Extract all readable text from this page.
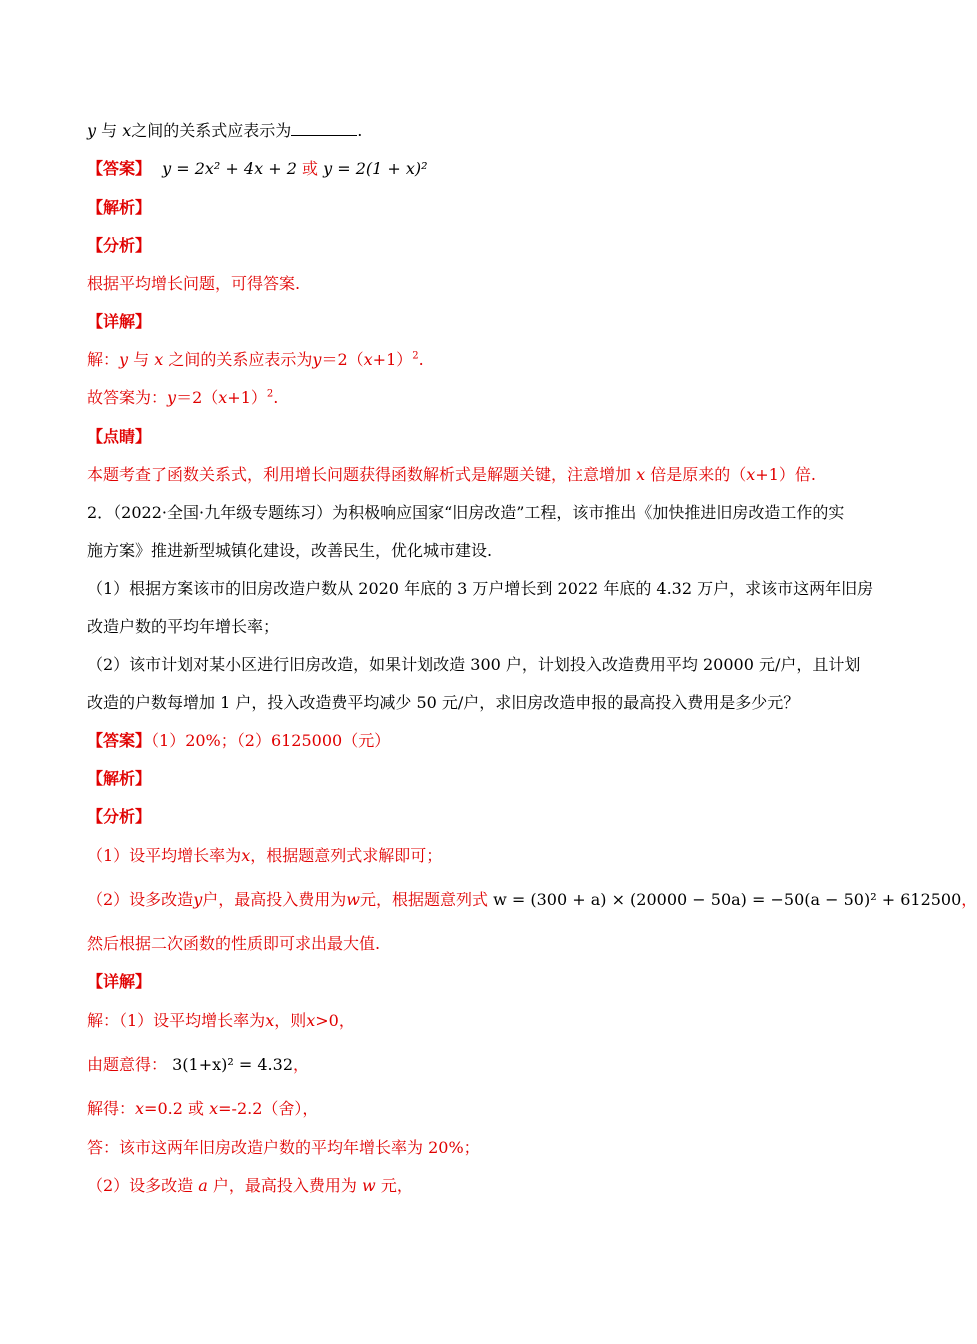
y 与 x之间的关系式应表示为	.
【答案】 y = 2x² + 4x + 2 或 y = 2(1 + x)²
【解析】
【分析】
根据平均增长问题，可得答案.
【详解】
解：y 与 x 之间的关系应表示为$y=2(x+1)^2$.
故答案为：$y=2(x+1)^2$.
【点睛】
本题考查了函数关系式，利用增长问题获得函数解析式是解题关键，注意增加 x 倍是原来的（x+1）倍.
2．（2022·全国·九年级专题练习）为积极响应国家“旧房改造”工程，该市推出《加快推进旧房改造工作的实
施方案》推进新型城镇化建设，改善民生，优化城市建设.
（1）根据方案该市的旧房改造户数从 2020 年底的 3 万户增长到 2022 年底的 4.32 万户，求该市这两年旧房
改造户数的平均年增长率；
（2）该市计划对某小区进行旧房改造，如果计划改造 300 户，计划投入改造费用平均 20000 元/户，且计划
改造的户数每增加 1 户，投入改造费平均减少 50 元/户，求旧房改造申报的最高投入费用是多少元？
【答案】（1）20%；（2）6125000（元）
【解析】
【分析】
（1）设平均增长率为x，根据题意列式求解即可；
（2）设多改造y户，最高投入费用为w元，根据题意列式 w = (300 + a) × (20000 − 50a) = −50(a − 50)² + 612500，
然后根据二次函数的性质即可求出最大值.
【详解】
解：（1）设平均增长率为x，则x>0，
由题意得： 3(1+x)² = 4.32，
解得：x=0.2 或 x=-2.2（舍），
答：该市这两年旧房改造户数的平均年增长率为 20%；
（2）设多改造 a 户，最高投入费用为 w 元，
